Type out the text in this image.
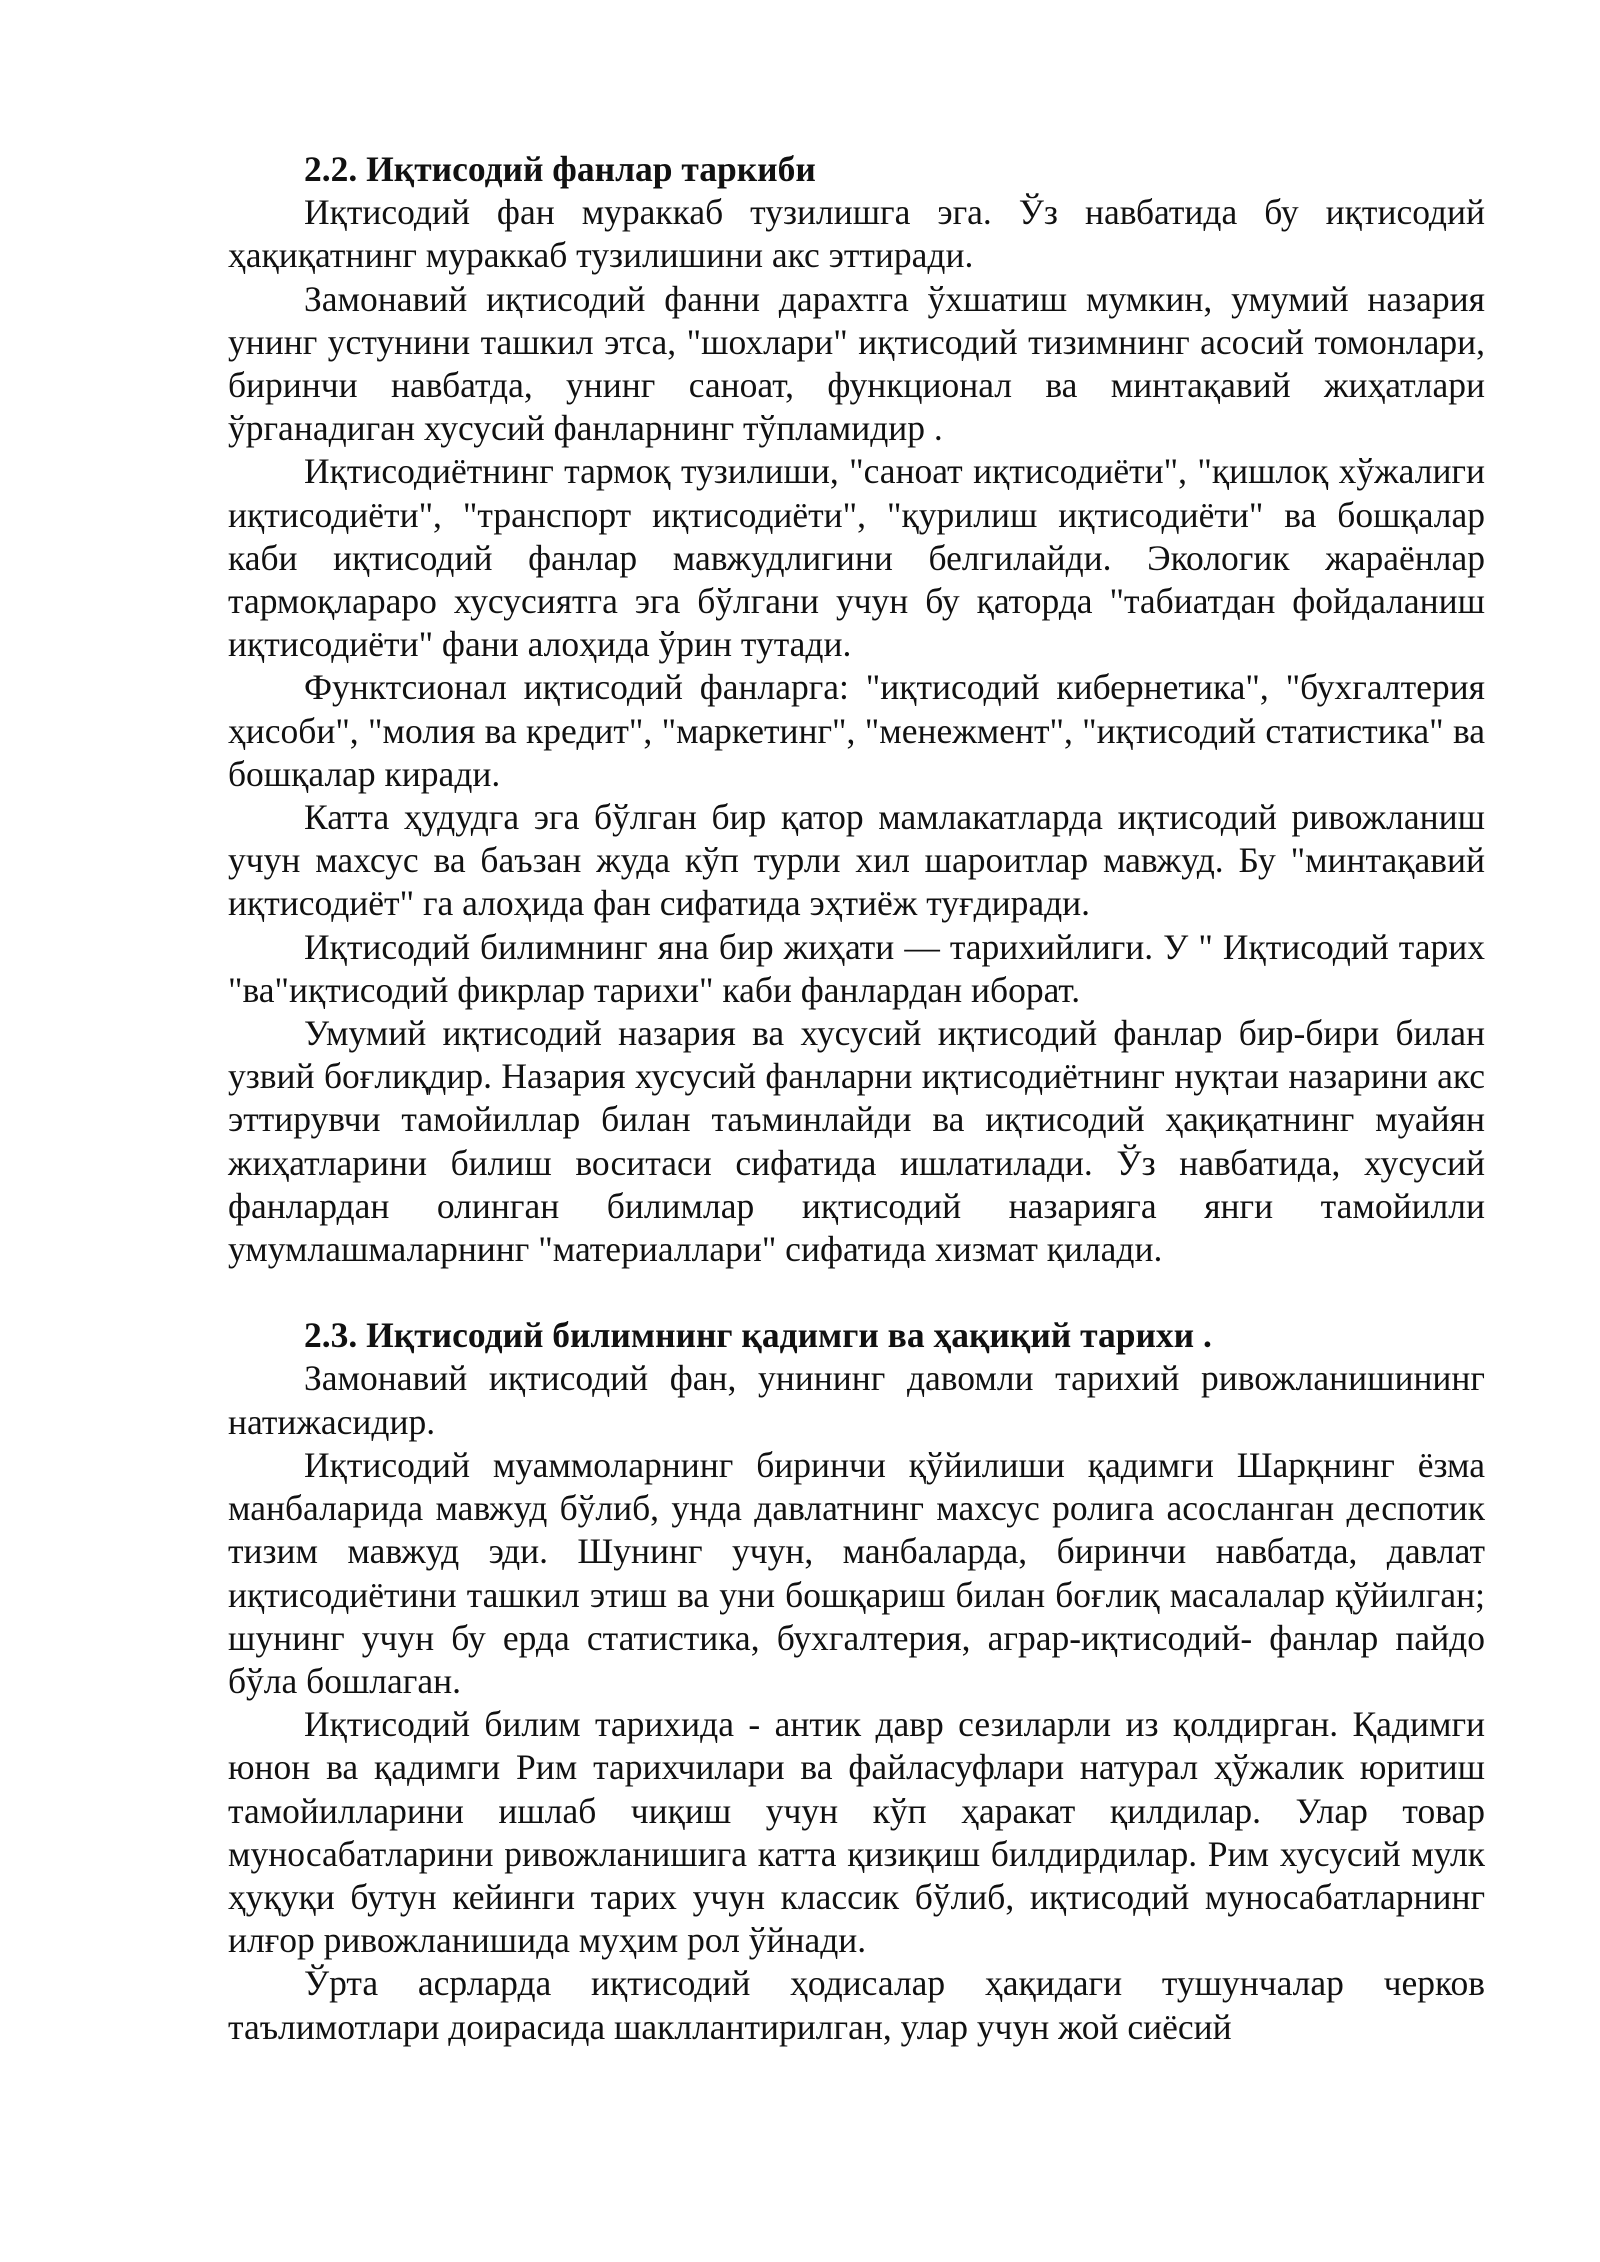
2.2. Иқтисодий фанлар таркиби

Иқтисодий фан мураккаб тузилишга эга. Ўз навбатида бу иқтисодий ҳақиқатнинг мураккаб тузилишини акс эттиради.

Замонавий иқтисодий фанни дарахтга ўхшатиш мумкин, умумий назария унинг устунини ташкил этса, "шохлари" иқтисодий тизимнинг асосий томонлари, биринчи навбатда, унинг саноат, функционал ва минтақавий жиҳатлари ўрганадиган хусусий фанларнинг тўпламидир .

Иқтисодиётнинг тармоқ тузилиши, "саноат иқтисодиёти", "қишлоқ хўжалиги иқтисодиёти", "транспорт иқтисодиёти", "қурилиш иқтисодиёти" ва бошқалар каби иқтисодий фанлар мавжудлигини белгилайди. Экологик жараёнлар тармоқлараро хусусиятга эга бўлгани учун бу қаторда "табиатдан фойдаланиш иқтисодиёти" фани алоҳида ўрин тутади.

Функтсионал иқтисодий фанларга: "иқтисодий кибернетика", "бухгалтерия ҳисоби", "молия ва кредит", "маркетинг", "менежмент", "иқтисодий статистика" ва бошқалар киради.

Катта ҳудудга эга бўлган бир қатор мамлакатларда иқтисодий ривожланиш учун махсус ва баъзан жуда кўп турли хил шароитлар мавжуд. Бу "минтақавий иқтисодиёт" га алоҳида фан сифатида эҳтиёж туғдиради.

Иқтисодий билимнинг яна бир жиҳати — тарихийлиги. У " Иқтисодий тарих "ва"иқтисодий фикрлар тарихи" каби фанлардан иборат.

Умумий иқтисодий назария ва хусусий иқтисодий фанлар бир-бири билан узвий боғлиқдир. Назария хусусий фанларни иқтисодиётнинг нуқтаи назарини акс эттирувчи тамойиллар билан таъминлайди ва иқтисодий ҳақиқатнинг муайян жиҳатларини билиш воситаси сифатида ишлатилади. Ўз навбатида, хусусий фанлардан олинган билимлар иқтисодий назарияга янги тамойилли умумлашмаларнинг "материаллари" сифатида хизмат қилади.

2.3. Иқтисодий билимнинг қадимги ва ҳақиқий тарихи .

Замонавий иқтисодий фан, унининг давомли тарихий ривожланишининг натижасидир.

Иқтисодий муаммоларнинг биринчи қўйилиши қадимги Шарқнинг ёзма манбаларида мавжуд бўлиб, унда давлатнинг махсус ролига асосланган деспотик тизим мавжуд эди. Шунинг учун, манбаларда, биринчи навбатда, давлат иқтисодиётини ташкил этиш ва уни бошқариш билан боғлиқ масалалар қўйилган; шунинг учун бу ерда статистика, бухгалтерия, аграр-иқтисодий- фанлар пайдо бўла бошлаган.

Иқтисодий билим тарихида - антик давр сезиларли из қолдирган. Қадимги юнон ва қадимги Рим тарихчилари ва файласуфлари натурал ҳўжалик юритиш тамойилларини ишлаб чиқиш учун кўп ҳаракат қилдилар. Улар товар муносабатларини ривожланишига катта қизиқиш билдирдилар. Рим хусусий мулк ҳуқуқи бутун кейинги тарих учун классик бўлиб, иқтисодий муносабатларнинг илғор ривожланишида муҳим рол ўйнади.

Ўрта асрларда иқтисодий ҳодисалар ҳақидаги тушунчалар черков таълимотлари доирасида шакллантирилган, улар учун жой сиёсий
